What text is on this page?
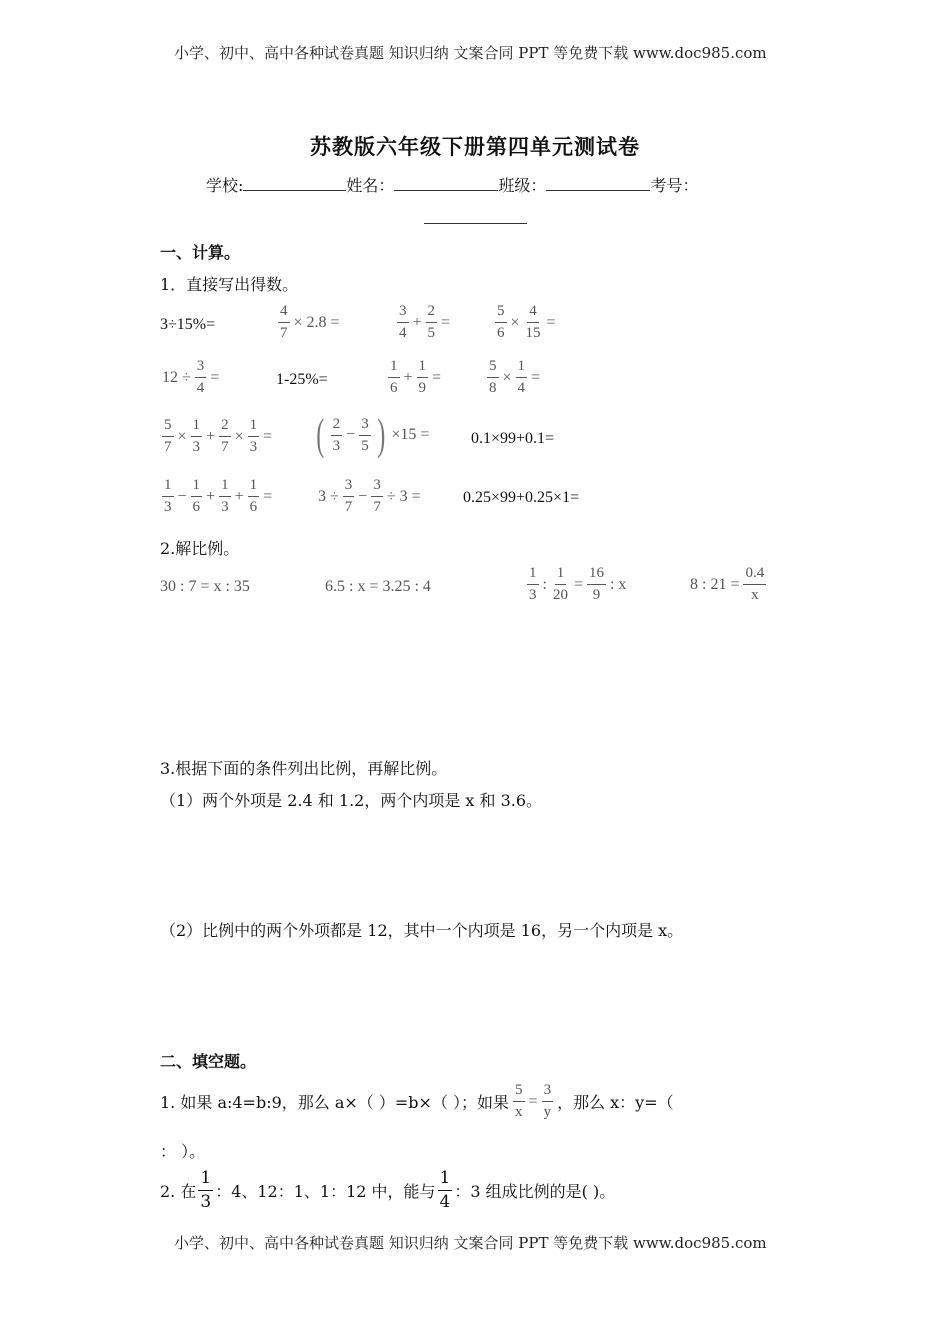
小学、初中、高中各种试卷真题 知识归纳 文案合同 PPT 等免费下载 www.doc985.com
苏教版六年级下册第四单元测试卷
学校:	姓名：	班级：	考号：
一、计算。
1．直接写出得数。
3÷15%=	$\frac{4}{7} \times 2.8$ =	$\frac{3}{4} + \frac{2}{5}$ =	$\frac{5}{6} \times \frac{4}{15}$ =
$12 \div \frac{3}{4}$ =	1-25%=	$\frac{1}{6} + \frac{1}{9}$ =	$\frac{5}{8} \times \frac{1}{4}$ =
$\frac{5}{7} \times \frac{1}{3} + \frac{2}{7} \times \frac{1}{3}$ = ( $\frac{2}{3} - \frac{3}{5}$ ) ×15 =	0.1×99+0.1=
$\frac{1}{3} - \frac{1}{6} + \frac{1}{3} + \frac{1}{6}$ =	$3 \div \frac{3}{7} - \frac{3}{7} \div 3$ =	0.25×99+0.25×1=
2.解比例。
30 : 7 = x : 35	6.5 : x = 3.25 : 4	$\frac{1}{3}$ : $\frac{1}{20} = \frac{16}{9}$ : x	8 : $21 = \frac{0.4}{x}$
3.根据下面的条件列出比例，再解比例。
（1）两个外项是 2.4 和 1.2，两个内项是 x 和 3.6。
（2）比例中的两个外项都是 12，其中一个内项是 16，另一个内项是 x。
二、填空题。
1. 如果 a:4=b:9，那么 a×（ ）=b×（ ）；如果 $\frac{5}{x} = \frac{3}{y}$ ，那么 x：y=（
： ）。
2. 在 $\frac{1}{3}$ ：4、12：1、1：12 中，能与 $\frac{1}{4}$ ：3 组成比例的是( )。
小学、初中、高中各种试卷真题 知识归纳 文案合同 PPT 等免费下载 www.doc985.com
